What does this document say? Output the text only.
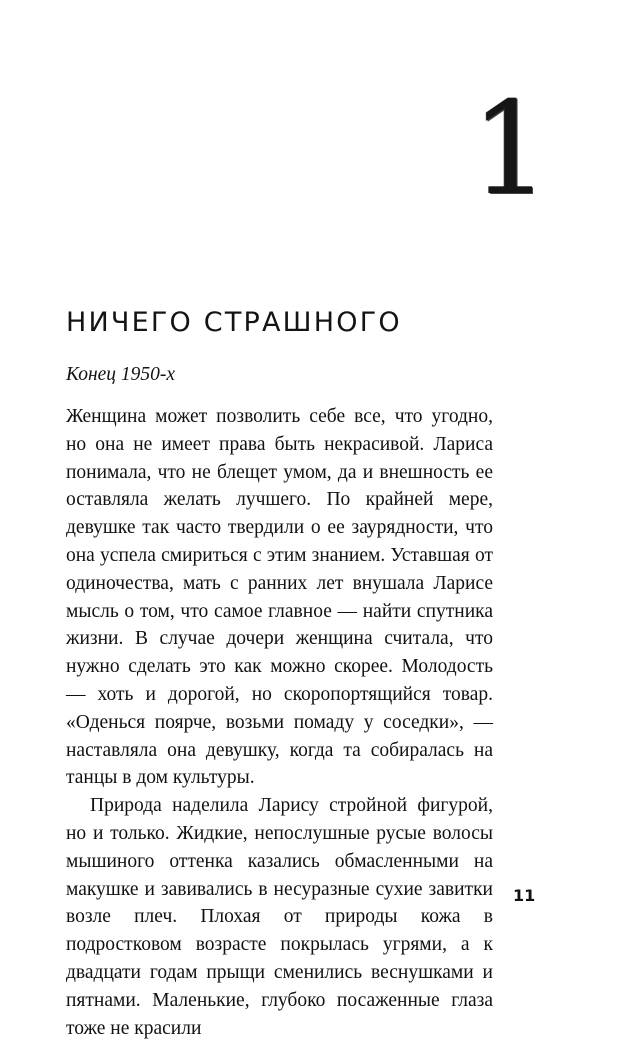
1
НИЧЕГО СТРАШНОГО
Конец 1950-х

Женщина может позволить себе все, что угодно, но она не имеет права быть некрасивой. Лариса понимала, что не блещет умом, да и внешность ее оставляла желать лучшего. По крайней мере, девушке так часто твердили о ее заурядности, что она успела смириться с этим знанием. Уставшая от одиночества, мать с ранних лет внушала Ларисе мысль о том, что самое главное — найти спутника жизни. В случае дочери женщина считала, что нужно сделать это как можно скорее. Молодость — хоть и дорогой, но скоропортящийся товар. «Оденься поярче, возьми помаду у соседки», — наставляла она девушку, когда та собиралась на танцы в дом культуры.

Природа наделила Ларису стройной фигурой, но и только. Жидкие, непослушные русые волосы мышиного оттенка казались обмасленными на макушке и завивались в несуразные сухие завитки возле плеч. Плохая от природы кожа в подростковом возрасте покрылась угрями, а к двадцати годам прыщи сменились веснушками и пятнами. Маленькие, глубоко посаженные глаза тоже не красили

11
